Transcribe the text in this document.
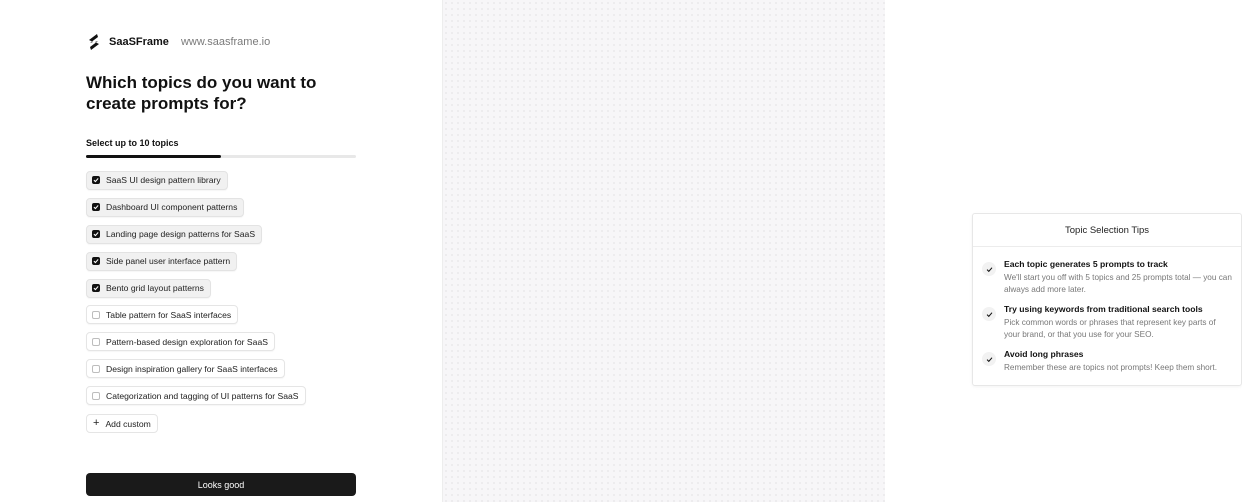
SaaSFrame www.saasframe.io
Which topics do you want to create prompts for?
Select up to 10 topics
SaaS UI design pattern library
Dashboard UI component patterns
Landing page design patterns for SaaS
Side panel user interface pattern
Bento grid layout patterns
Table pattern for SaaS interfaces
Pattern-based design exploration for SaaS
Design inspiration gallery for SaaS interfaces
Categorization and tagging of UI patterns for SaaS
+ Add custom
Looks good
Topic Selection Tips
Each topic generates 5 prompts to track
We'll start you off with 5 topics and 25 prompts total — you can always add more later.
Try using keywords from traditional search tools
Pick common words or phrases that represent key parts of your brand, or that you use for your SEO.
Avoid long phrases
Remember these are topics not prompts! Keep them short.
